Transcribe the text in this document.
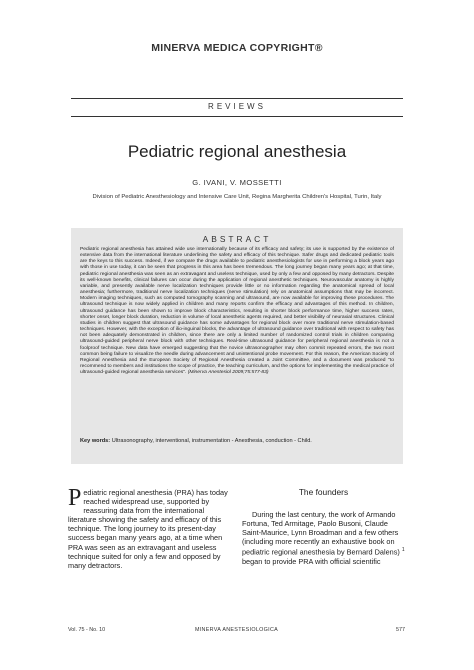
MINERVA MEDICA COPYRIGHT®
REVIEWS
Pediatric regional anesthesia
G. IVANI, V. MOSSETTI
Division of Pediatric Anesthesiology and Intensive Care Unit, Regina Margherita Children's Hospital, Turin, Italy
ABSTRACT
Pediatric regional anesthesia has attained wide use internationally because of its efficacy and safety; its use is supported by the existence of extensive data from the international literature underlining the safety and efficacy of this technique. Safer drugs and dedicated pediatric tools are the keys to this success. Indeed, if we compare the drugs available to pediatric anesthesiologists for use in performing a block years ago with those in use today, it can be seen that progress in this area has been tremendous. The long journey began many years ago; at that time, pediatric regional anesthesia was seen as an extravagant and useless technique, used by only a few and opposed by many detractors. Despite its well-known benefits, clinical failures can occur during the application of regional anesthetic techniques. Neurovascular anatomy is highly variable, and presently available nerve localization techniques provide little or no information regarding the anatomical spread of local anesthesia; furthermore, traditional nerve localization techniques (nerve stimulation) rely on anatomical assumptions that may be incorrect. Modern imaging techniques, such as computed tomography scanning and ultrasound, are now available for improving these procedures. The ultrasound technique is now widely applied in children and many reports confirm the efficacy and advantages of this method. In children, ultrasound guidance has been shown to improve block characteristics, resulting in shorter block performance time, higher success rates, shorter onset, longer block duration, reduction in volume of local anesthetic agents required, and better visibility of neuraxial structures. Clinical studies in children suggest that ultrasound guidance has some advantages for regional block over more traditional nerve stimulation-based techniques. However, with the exception of ilio-inguinal blocks, the advantage of ultrasound guidance over traditional with respect to safety has not been adequately demonstrated in children, since there are only a limited number of randomized control trials in children comparing ultrasound-guided peripheral nerve block with other techniques. Real-time ultrasound guidance for peripheral regional anesthesia is not a foolproof technique. New data have emerged suggesting that the novice ultrasonographer may often commit repeated errors, the two most common being failure to visualize the needle during advancement and unintentional probe movement. For this reason, the American Society of Regional Anesthesia and the European Society of Regional Anesthesia created a Joint Committee, and a document was produced "to recommend to members and institutions the scope of practice, the teaching curriculum, and the options for implementing the medical practice of ultrasound-guided regional anesthesia services". (Minerva Anestesiol 2009;75:577-83)
Key words: Ultrasonography, interventional, instrumentation - Anesthesia, conduction - Child.
Pediatric regional anesthesia (PRA) has today reached widespread use, supported by reassuring data from the international literature showing the safety and efficacy of this technique. The long journey to its present-day success began many years ago, at a time when PRA was seen as an extravagant and useless technique suited for only a few and opposed by many detractors.
The founders
During the last century, the work of Armando Fortuna, Ted Armitage, Paolo Busoni, Claude Saint-Maurice, Lynn Broadman and a few others (including more recently an exhaustive book on pediatric regional anesthesia by Bernard Dalens) $^1$ began to provide PRA with official scientific
Vol. 75 - No. 10	MINERVA ANESTESIOLOGICA	577
